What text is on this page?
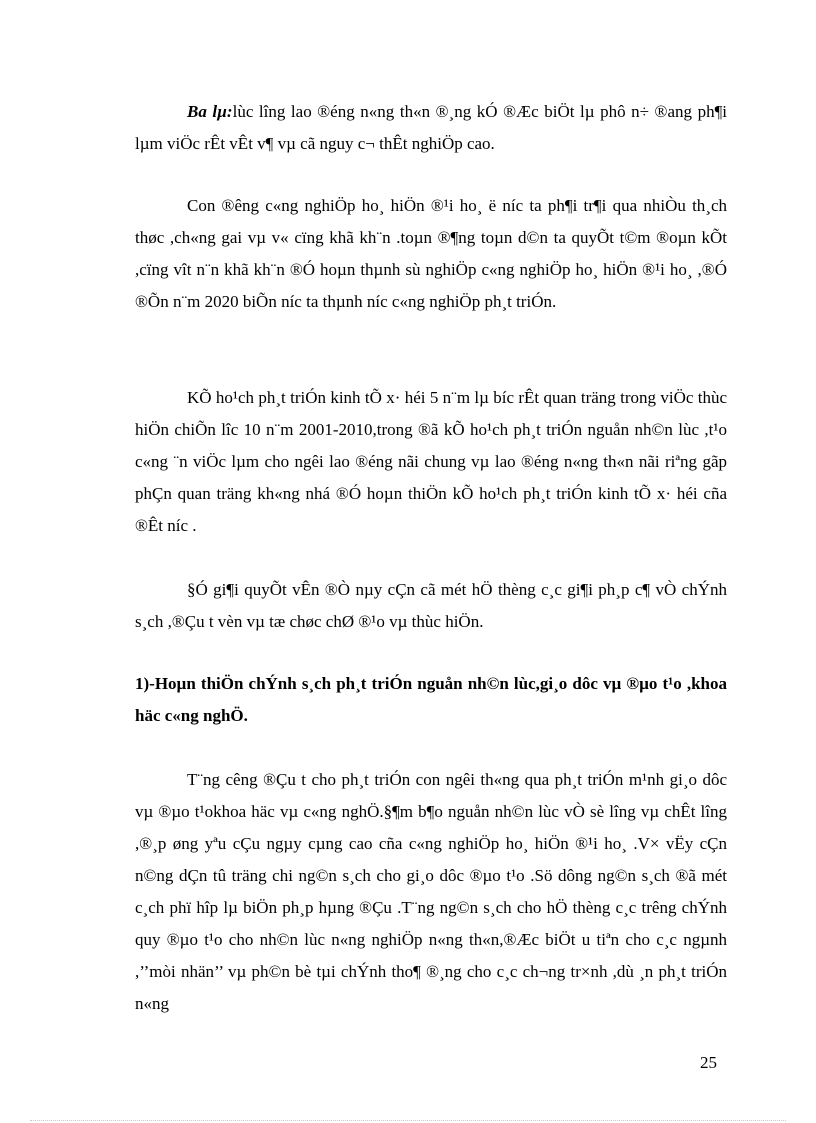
Ba lµ:lùc lîng lao ®éng n«ng th«n ®¸ng kÓ ®Æc biÖt lµ phô n÷ ®ang ph¶i lµm viÖc rÊt vÊt v¶ vµ cã nguy c¬ thÊt nghiÖp cao.

Con ®êng c«ng nghiÖp ho¸ hiÖn ®¹i ho¸ ë níc ta ph¶i tr¶i qua nhiÒu th¸ch thøc ,ch«ng gai vµ v« cïng khã kh¨n .toµn ®¶ng toµn d©n ta quyÕt t©m ®oµn kÕt ,cïng vît n¨n khã kh¨n ®Ó hoµn thµnh sù nghiÖp c«ng nghiÖp ho¸ hiÖn ®¹i ho¸ ,®Ó ®Õn n¨m 2020 biÕn níc ta thµnh níc c«ng nghiÖp ph¸t triÓn.

KÕ ho¹ch ph¸t triÓn kinh tÕ x· héi 5 n¨m lµ bíc rÊt quan träng trong viÖc thùc hiÖn chiÕn lîc 10 n¨m 2001-2010,trong ®ã kÕ ho¹ch ph¸t triÓn nguån nh©n lùc ,t¹o c«ng ¨n viÖc lµm cho ngêi lao ®éng nãi chung vµ lao ®éng n«ng th«n nãi riªng gãp phÇn quan träng kh«ng nhá ®Ó hoµn thiÖn kÕ ho¹ch ph¸t triÓn kinh tÕ x· héi cña ®Êt níc .

§Ó gi¶i quyÕt vÊn ®Ò nµy cÇn cã mét hÖ thèng c¸c gi¶i ph¸p c¶ vÒ chÝnh s¸ch ,®Çu t vèn vµ tæ chøc chØ ®¹o vµ thùc hiÖn.

1)-Hoµn thiÖn chÝnh s¸ch ph¸t triÓn nguån nh©n lùc,gi¸o dôc vµ ®µo t¹o ,khoa häc c«ng nghÖ.

T¨ng cêng ®Çu t cho ph¸t triÓn con ngêi th«ng qua ph¸t triÓn m¹nh gi¸o dôc vµ ®µo t¹okhoa häc vµ c«ng nghÖ.§¶m b¶o nguån nh©n lùc vÒ sè lîng vµ chÊt lîng ,®¸p øng yªu cÇu ngµy cµng cao cña c«ng nghiÖp ho¸ hiÖn ®¹i ho¸ .V× vËy cÇn n©ng dÇn tû träng chi ng©n s¸ch cho gi¸o dôc ®µo t¹o .Sö dông ng©n s¸ch ®ã mét c¸ch phï hîp lµ biÖn ph¸p hµng ®Çu .T¨ng ng©n s¸ch cho hÖ thèng c¸c trêng chÝnh quy ®µo t¹o cho nh©n lùc n«ng nghiÖp n«ng th«n,®Æc biÖt u tiªn cho c¸c ngµnh ,’’mòi nhän’’ vµ ph©n bè tµi chÝnh tho¶ ®¸ng cho c¸c ch¬ng tr×nh ,dù ¸n ph¸t triÓn n«ng

25
